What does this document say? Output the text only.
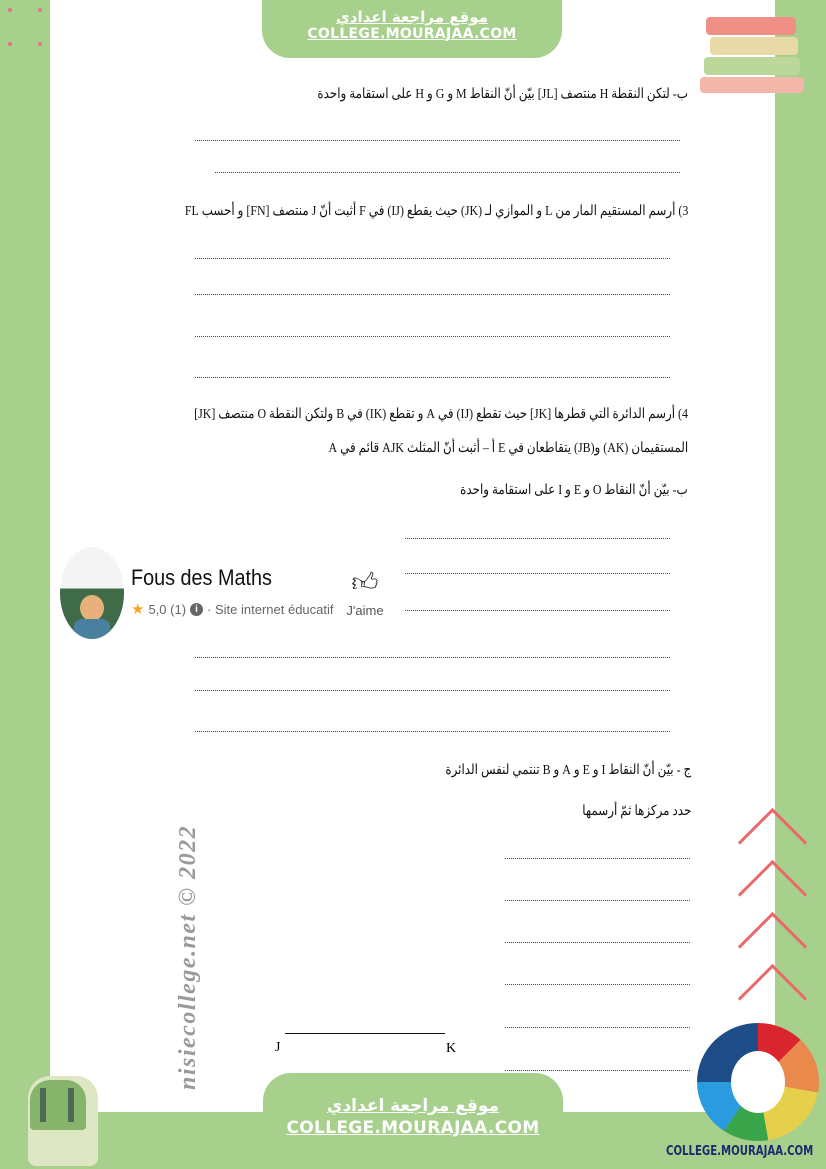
موقع مراجعة اعدادي
COLLEGE.MOURAJAA.COM
ب- لتكن النقطة H منتصف [JL] بيّن أنّ النقاط M و G و H على استقامة واحدة
3) أرسم المستقيم المار من L و الموازي لـ (JK) حيث يقطع (IJ) في F أثبت أنّ J منتصف [FN] و أحسب FL
4) أرسم الدائرة التي قطرها [JK] حيث تقطع (IJ) في A و تقطع (IK) في B ولتكن النقطة O منتصف [JK]
المستقيمان (AK) و(JB) يتقاطعان في E أ – أثبت أنّ المثلث AJK قائم في A
ب- بيّن أنّ النقاط O و E و I على استقامة واحدة
Fous des Maths
★ 5,0 (1) i · Site internet éducatif
👍︎
J'aime
nisiecollege.net © 2022
ج - بيّن أنّ النقاط I و E و A و B تنتمي لنفس الدائرة
حدد مركزها ثمّ أرسمها
J	K
موقع مراجعة اعدادي
COLLEGE.MOURAJAA.COM
COLLEGE.MOURAJAA.COM
